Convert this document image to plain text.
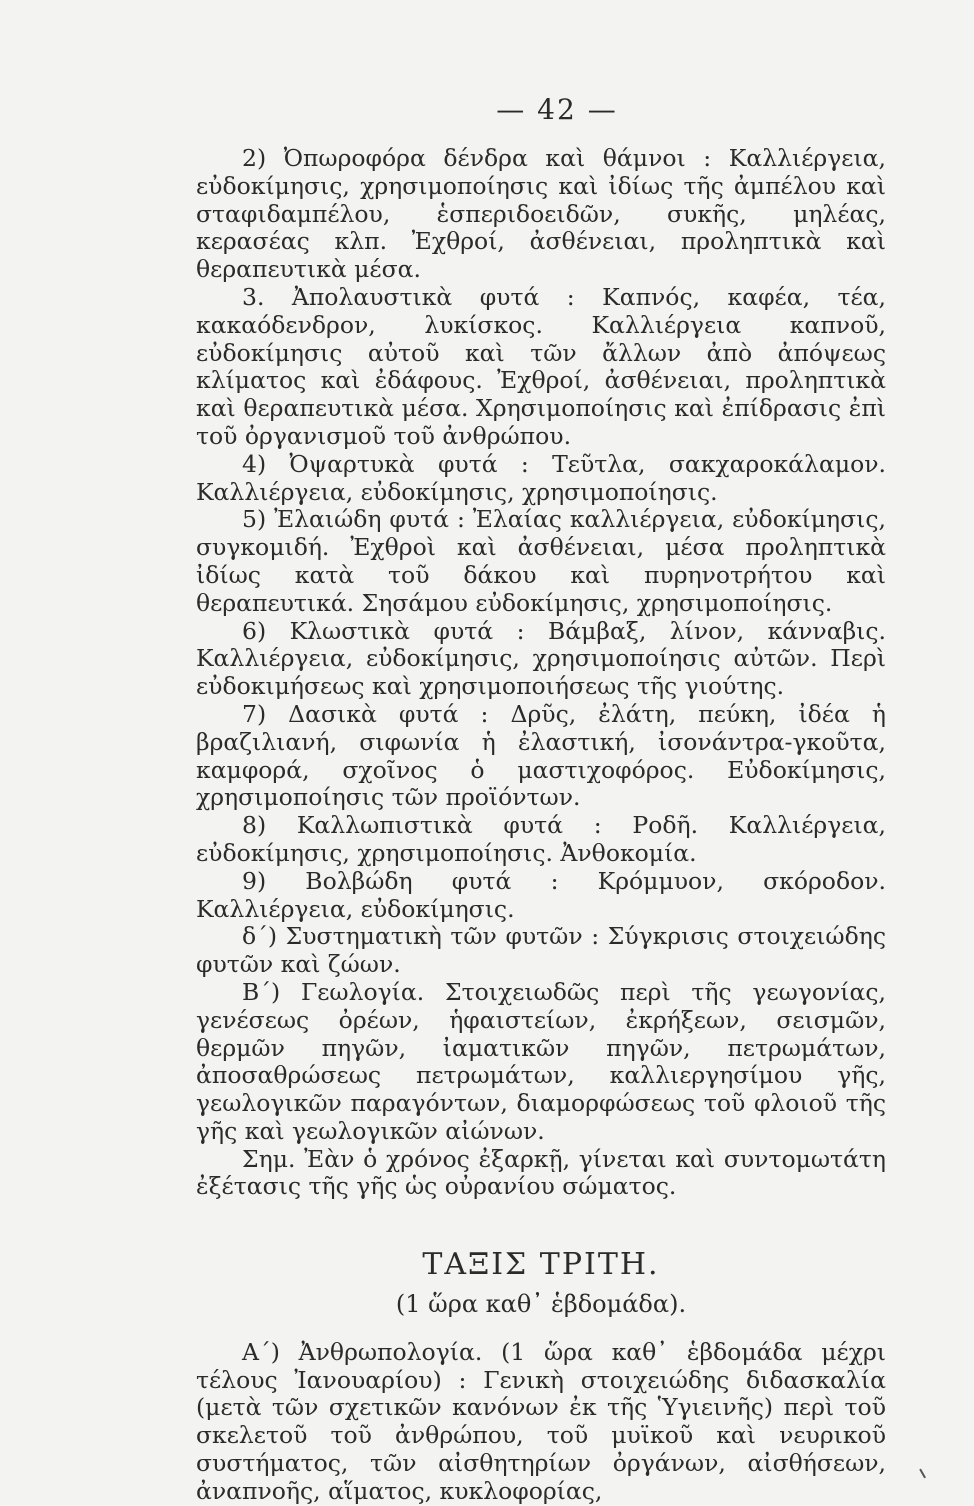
— 42 —

2) Ὀπωροφόρα δένδρα καὶ θάμνοι : Καλλιέργεια, εὐδοκίμησις, χρησιμοποίησις καὶ ἰδίως τῆς ἀμπέλου καὶ σταφιδαμπέλου, ἑσπεριδοειδῶν, συκῆς, μηλέας, κερασέας κλπ. Ἐχθροί, ἀσθένειαι, προληπτικὰ καὶ θεραπευτικὰ μέσα.

3. Ἀπολαυστικὰ φυτά : Καπνός, καφέα, τέα, κακαόδενδρον, λυκίσκος. Καλλιέργεια καπνοῦ, εὐδοκίμησις αὐτοῦ καὶ τῶν ἄλλων ἀπὸ ἀπόψεως κλίματος καὶ ἐδάφους. Ἐχθροί, ἀσθένειαι, προληπτικὰ καὶ θεραπευτικὰ μέσα. Χρησιμοποίησις καὶ ἐπίδρασις ἐπὶ τοῦ ὀργανισμοῦ τοῦ ἀνθρώπου.

4) Ὀψαρτυκὰ φυτά : Τεῦτλα, σακχαροκάλαμον. Καλλιέργεια, εὐδοκίμησις, χρησιμοποίησις.

5) Ἐλαιώδη φυτά : Ἐλαίας καλλιέργεια, εὐδοκίμησις, συγκομιδή. Ἐχθροὶ καὶ ἀσθένειαι, μέσα προληπτικὰ ἰδίως κατὰ τοῦ δάκου καὶ πυρηνοτρήτου καὶ θεραπευτικά. Σησάμου εὐδοκίμησις, χρησιμοποίησις.

6) Κλωστικὰ φυτά : Βάμβαξ, λίνον, κάνναβις. Καλλιέργεια, εὐδοκίμησις, χρησιμοποίησις αὐτῶν. Περὶ εὐδοκιμήσεως καὶ χρησιμοποιήσεως τῆς γιούτης.

7) Δασικὰ φυτά : Δρῦς, ἐλάτη, πεύκη, ἰδέα ἡ βραζιλιανή, σιφωνία ἡ ἐλαστική, ἰσονάντρα-γκοῦτα, καμφορά, σχοῖνος ὁ μαστιχοφόρος. Εὐδοκίμησις, χρησιμοποίησις τῶν προϊόντων.

8) Καλλωπιστικὰ φυτά : Ροδῆ. Καλλιέργεια, εὐδοκίμησις, χρησιμοποίησις. Ἀνθοκομία.

9) Βολβώδη φυτά : Κρόμμυον, σκόροδον. Καλλιέργεια, εὐδοκίμησις.

δ΄) Συστηματικὴ τῶν φυτῶν : Σύγκρισις στοιχειώδης φυτῶν καὶ ζώων.

Β΄) Γεωλογία. Στοιχειωδῶς περὶ τῆς γεωγονίας, γενέσεως ὀρέων, ἡφαιστείων, ἐκρήξεων, σεισμῶν, θερμῶν πηγῶν, ἰαματικῶν πηγῶν, πετρωμάτων, ἀποσαθρώσεως πετρωμάτων, καλλιεργησίμου γῆς, γεωλογικῶν παραγόντων, διαμορφώσεως τοῦ φλοιοῦ τῆς γῆς καὶ γεωλογικῶν αἰώνων.

Σημ. Ἐὰν ὁ χρόνος ἐξαρκῇ, γίνεται καὶ συντομωτάτη ἐξέτασις τῆς γῆς ὡς οὐρανίου σώματος.

ΤΑΞΙΣ ΤΡΙΤΗ.

(1 ὥρα καθ᾿ ἑβδομάδα).

Α΄) Ἀνθρωπολογία. (1 ὥρα καθ᾿ ἑβδομάδα μέχρι τέλους Ἰανουαρίου) : Γενικὴ στοιχειώδης διδασκαλία (μετὰ τῶν σχετικῶν κανόνων ἐκ τῆς Ὑγιεινῆς) περὶ τοῦ σκελετοῦ τοῦ ἀνθρώπου, τοῦ μυϊκοῦ καὶ νευρικοῦ συστήματος, τῶν αἰσθητηρίων ὀργάνων, αἰσθήσεων, ἀναπνοῆς, αἵματος, κυκλοφορίας,
